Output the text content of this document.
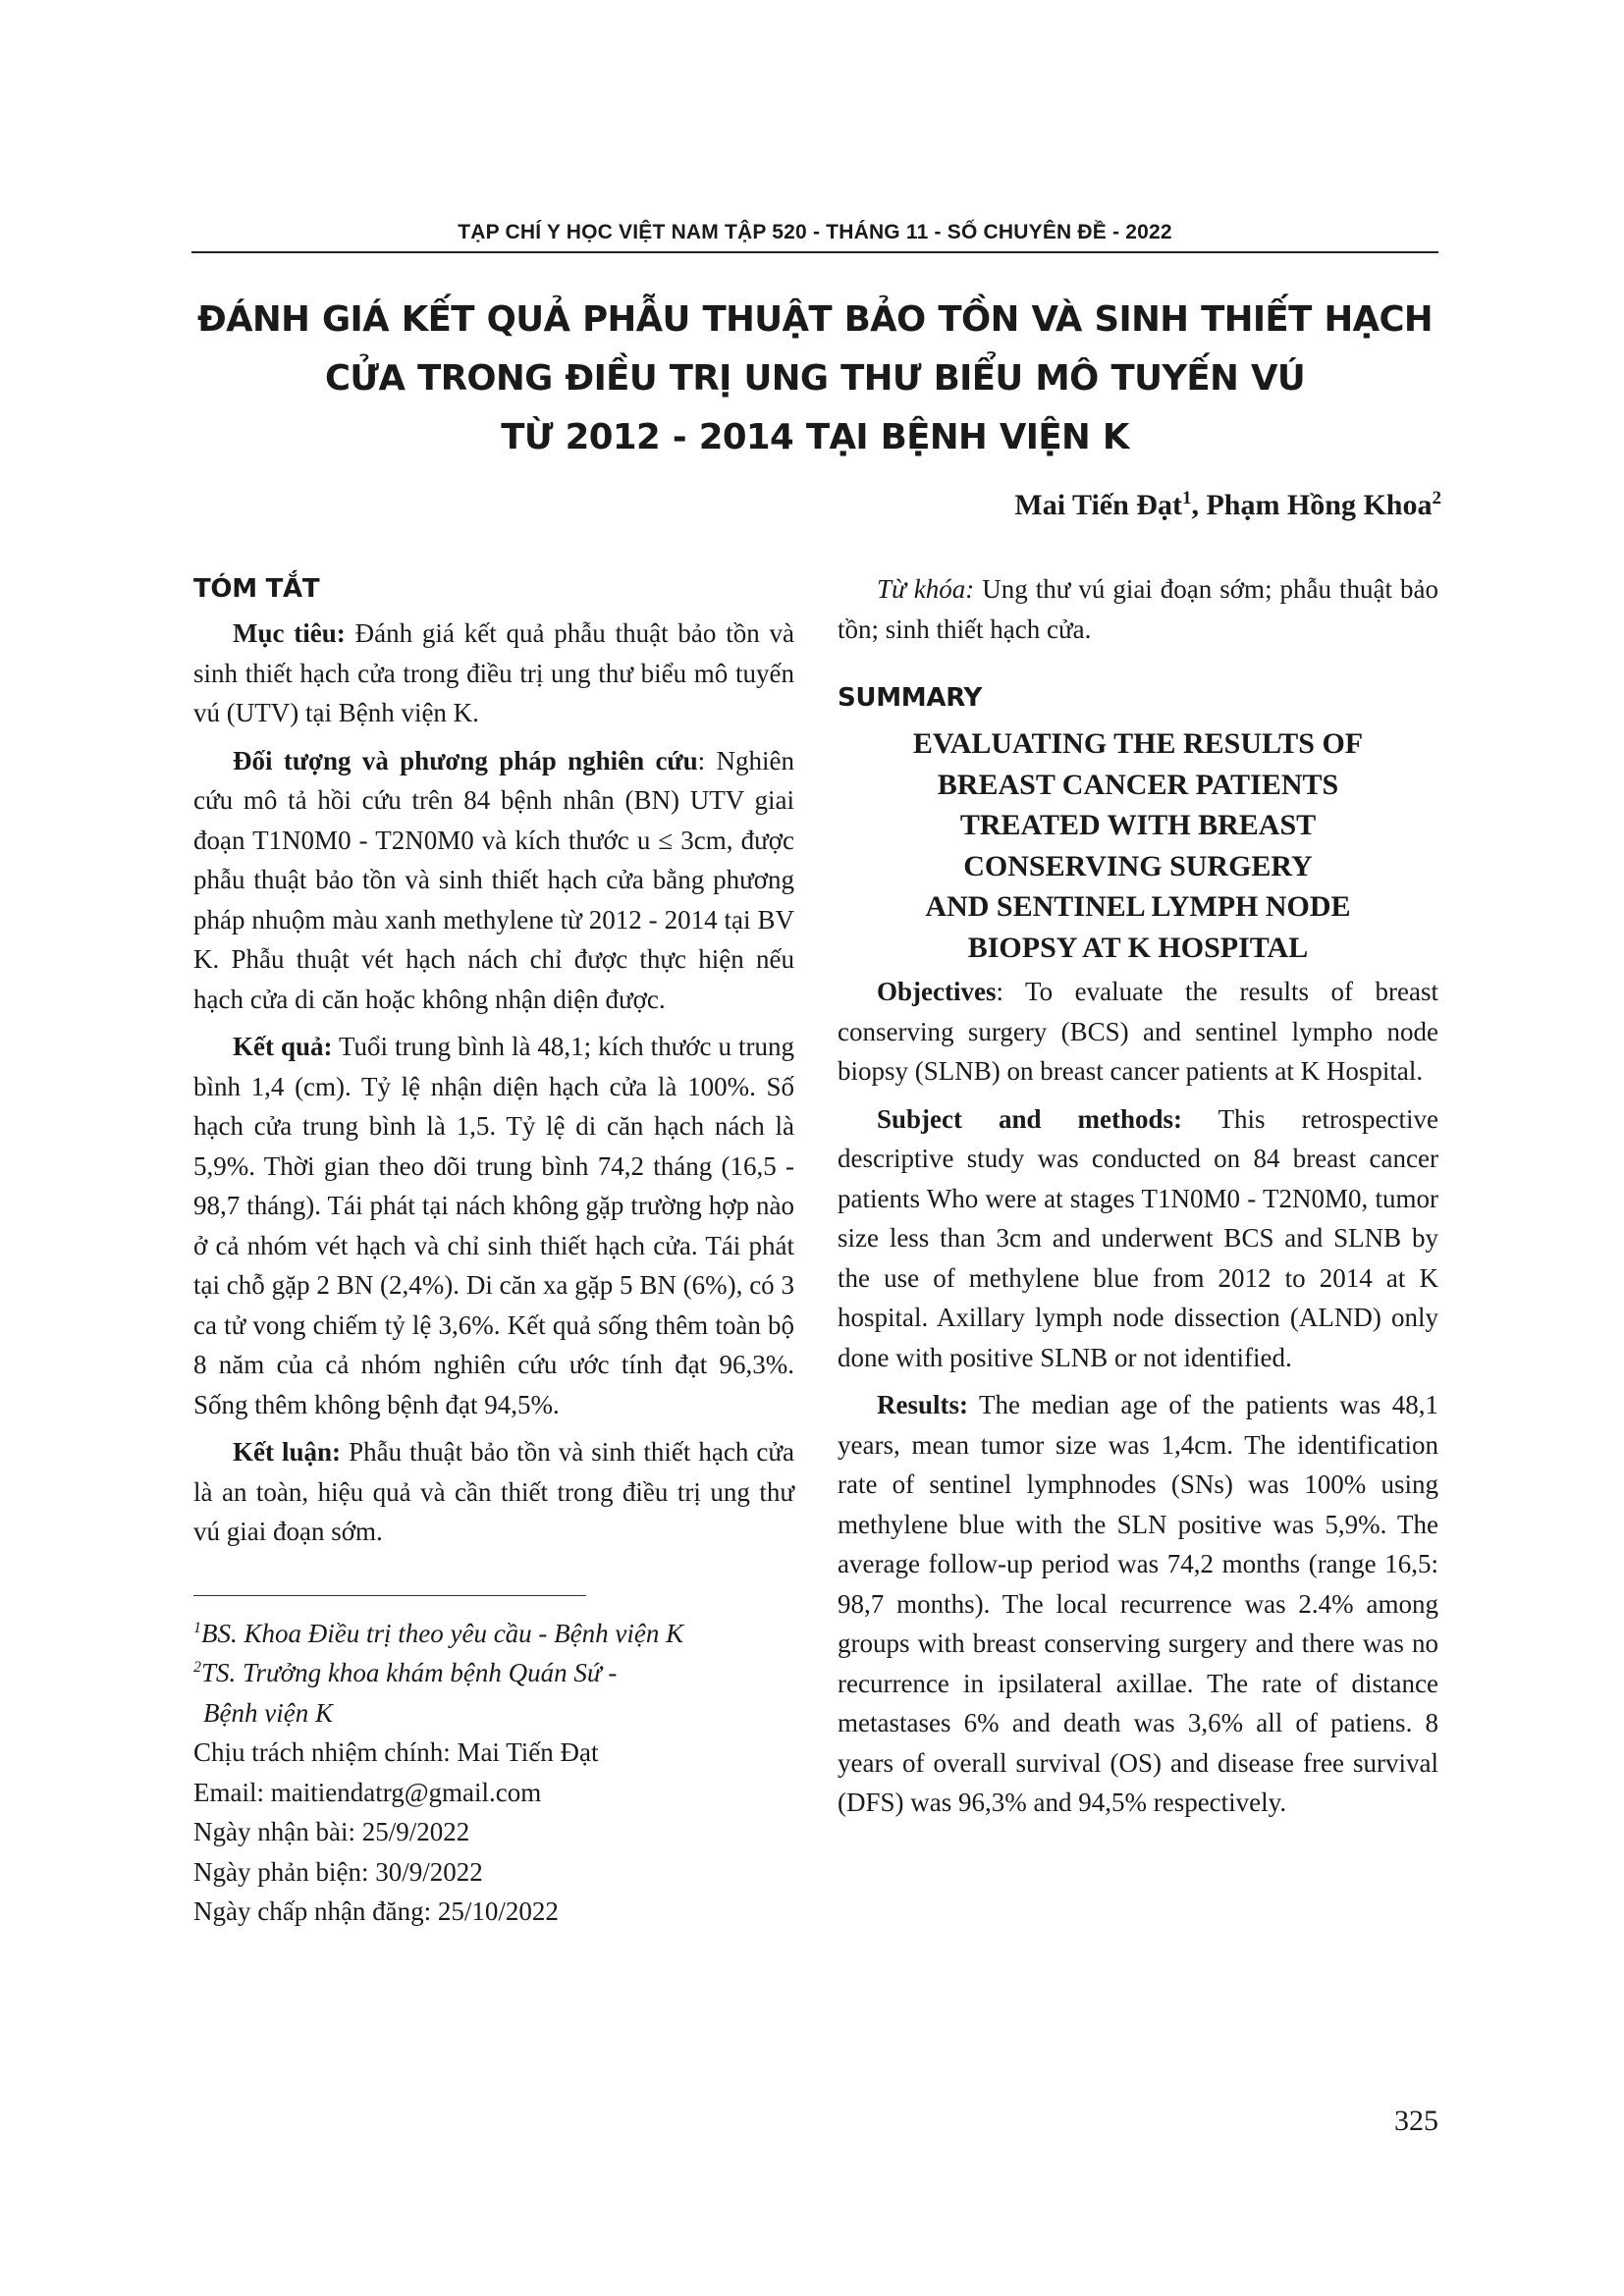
TẠP CHÍ Y HỌC VIỆT NAM TẬP 520 - THÁNG 11 - SỐ CHUYÊN ĐỀ - 2022
ĐÁNH GIÁ KẾT QUẢ PHẪU THUẬT BẢO TỒN VÀ SINH THIẾT HẠCH
CỬA TRONG ĐIỀU TRỊ UNG THƯ BIỂU MÔ TUYẾN VÚ
TỪ 2012 - 2014 TẠI BỆNH VIỆN K
Mai Tiến Đạt$^1$, Phạm Hồng Khoa$^2$
TÓM TẮT

Mục tiêu: Đánh giá kết quả phẫu thuật bảo tồn và sinh thiết hạch cửa trong điều trị ung thư biểu mô tuyến vú (UTV) tại Bệnh viện K.

Đối tượng và phương pháp nghiên cứu: Nghiên cứu mô tả hồi cứu trên 84 bệnh nhân (BN) UTV giai đoạn T1N0M0 - T2N0M0 và kích thước u ≤ 3cm, được phẫu thuật bảo tồn và sinh thiết hạch cửa bằng phương pháp nhuộm màu xanh methylene từ 2012 - 2014 tại BV K. Phẫu thuật vét hạch nách chỉ được thực hiện nếu hạch cửa di căn hoặc không nhận diện được.

Kết quả: Tuổi trung bình là 48,1; kích thước u trung bình 1,4 (cm). Tỷ lệ nhận diện hạch cửa là 100%. Số hạch cửa trung bình là 1,5. Tỷ lệ di căn hạch nách là 5,9%. Thời gian theo dõi trung bình 74,2 tháng (16,5 - 98,7 tháng). Tái phát tại nách không gặp trường hợp nào ở cả nhóm vét hạch và chỉ sinh thiết hạch cửa. Tái phát tại chỗ gặp 2 BN (2,4%). Di căn xa gặp 5 BN (6%), có 3 ca tử vong chiếm tỷ lệ 3,6%. Kết quả sống thêm toàn bộ 8 năm của cả nhóm nghiên cứu ước tính đạt 96,3%. Sống thêm không bệnh đạt 94,5%.

Kết luận: Phẫu thuật bảo tồn và sinh thiết hạch cửa là an toàn, hiệu quả và cần thiết trong điều trị ung thư vú giai đoạn sớm.

$^1$BS. Khoa Điều trị theo yêu cầu - Bệnh viện K
$^2$TS. Trưởng khoa khám bệnh Quán Sứ -
Bệnh viện K
Chịu trách nhiệm chính: Mai Tiến Đạt
Email: maitiendatrg@gmail.com
Ngày nhận bài: 25/9/2022
Ngày phản biện: 30/9/2022
Ngày chấp nhận đăng: 25/10/2022

Từ khóa: Ung thư vú giai đoạn sớm; phẫu thuật bảo tồn; sinh thiết hạch cửa.

SUMMARY
EVALUATING THE RESULTS OF
BREAST CANCER PATIENTS
TREATED WITH BREAST
CONSERVING SURGERY
AND SENTINEL LYMPH NODE
BIOPSY AT K HOSPITAL

Objectives: To evaluate the results of breast conserving surgery (BCS) and sentinel lympho node biopsy (SLNB) on breast cancer patients at K Hospital.

Subject and methods: This retrospective descriptive study was conducted on 84 breast cancer patients Who were at stages T1N0M0 - T2N0M0, tumor size less than 3cm and underwent BCS and SLNB by the use of methylene blue from 2012 to 2014 at K hospital. Axillary lymph node dissection (ALND) only done with positive SLNB or not identified.

Results: The median age of the patients was 48,1 years, mean tumor size was 1,4cm. The identification rate of sentinel lymphnodes (SNs) was 100% using methylene blue with the SLN positive was 5,9%. The average follow-up period was 74,2 months (range 16,5: 98,7 months). The local recurrence was 2.4% among groups with breast conserving surgery and there was no recurrence in ipsilateral axillae. The rate of distance metastases 6% and death was 3,6% all of patiens. 8 years of overall survival (OS) and disease free survival (DFS) was 96,3% and 94,5% respectively.

325
